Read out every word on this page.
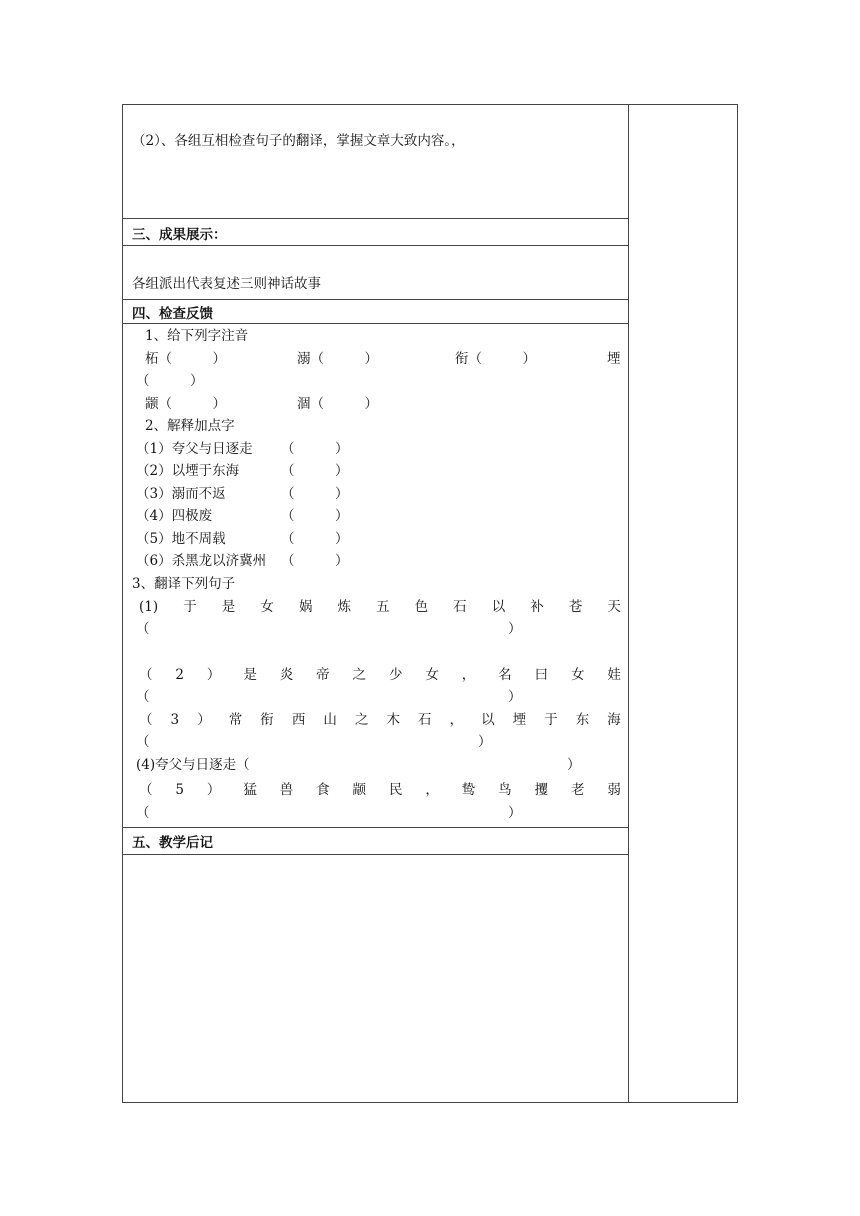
（2）、各组互相检查句子的翻译，掌握文章大致内容。，
三、成果展示：
各组派出代表复述三则神话故事
四、检查反馈
1、给下列字注音
柘（　　　）	溺（　　　）	衔（　　　）	堙
（　　　）
颛（　　　）	涸（　　　）
2、解释加点字
（1）夸父与日逐走 （　　　）
（2）以堙于东海	（　　　）
（3）溺而不返	（　　　）
（4）四极废	（　　　）
（5）地不周载	（　　　）
（6）杀黑龙以济冀州 （　　　）
3、翻译下列句子
(1) 于 是 女 娲 炼 五 色 石 以 补 苍 天
（	）
（ 2 ） 是 炎 帝 之 少 女 ， 名 曰 女 娃
（	）
（ 3 ） 常 衔 西 山 之 木 石 ， 以 堙 于 东 海
（	）
(4)夸父与日逐走（	）
（ 5 ） 猛 兽 食 颛 民 ， 鸷 鸟 攫 老 弱
（	）
五、教学后记
